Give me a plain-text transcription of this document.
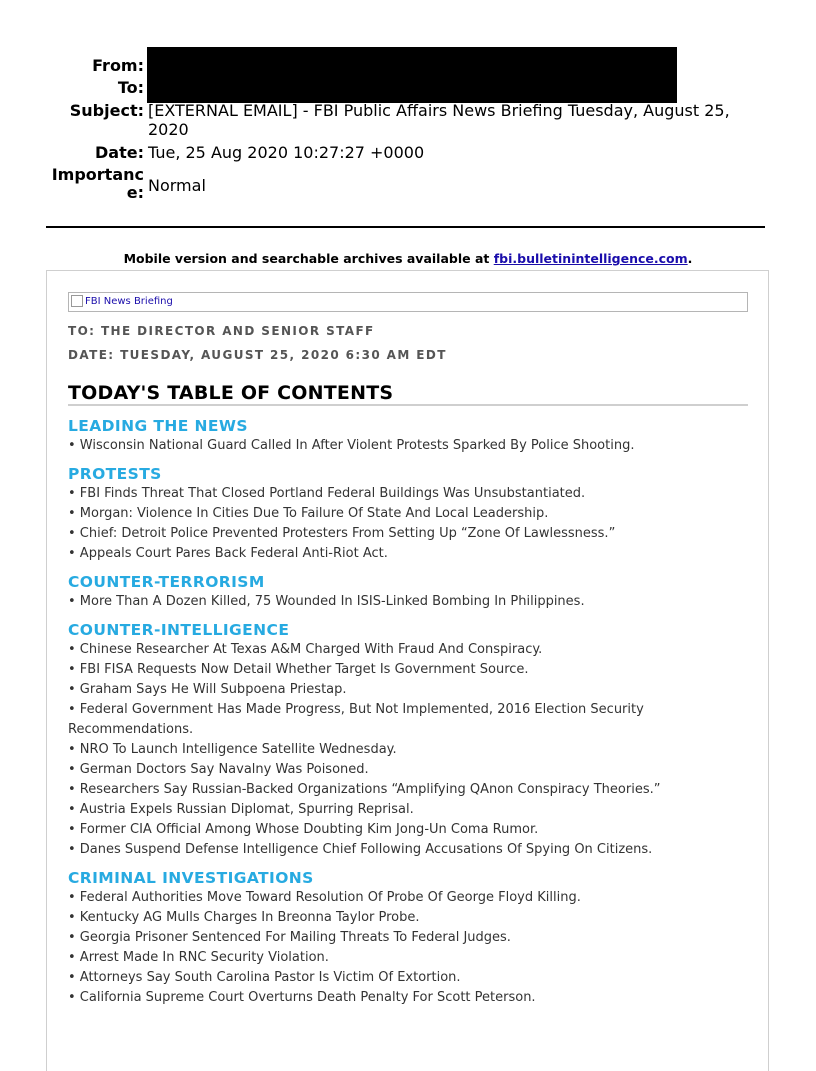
From:
To:
Subject: [EXTERNAL EMAIL] - FBI Public Affairs News Briefing Tuesday, August 25, 2020
Date: Tue, 25 Aug 2020 10:27:27 +0000
Importanc
e: Normal
Mobile version and searchable archives available at fbi.bulletinintelligence.com.
FBI News Briefing
TO: THE DIRECTOR AND SENIOR STAFF
DATE: TUESDAY, AUGUST 25, 2020 6:30 AM EDT
TODAY'S TABLE OF CONTENTS
LEADING THE NEWS
• Wisconsin National Guard Called In After Violent Protests Sparked By Police Shooting.
PROTESTS
• FBI Finds Threat That Closed Portland Federal Buildings Was Unsubstantiated.
• Morgan: Violence In Cities Due To Failure Of State And Local Leadership.
• Chief: Detroit Police Prevented Protesters From Setting Up “Zone Of Lawlessness.”
• Appeals Court Pares Back Federal Anti-Riot Act.
COUNTER-TERRORISM
• More Than A Dozen Killed, 75 Wounded In ISIS-Linked Bombing In Philippines.
COUNTER-INTELLIGENCE
• Chinese Researcher At Texas A&M Charged With Fraud And Conspiracy.
• FBI FISA Requests Now Detail Whether Target Is Government Source.
• Graham Says He Will Subpoena Priestap.
• Federal Government Has Made Progress, But Not Implemented, 2016 Election Security Recommendations.
• NRO To Launch Intelligence Satellite Wednesday.
• German Doctors Say Navalny Was Poisoned.
• Researchers Say Russian-Backed Organizations “Amplifying QAnon Conspiracy Theories.”
• Austria Expels Russian Diplomat, Spurring Reprisal.
• Former CIA Official Among Whose Doubting Kim Jong-Un Coma Rumor.
• Danes Suspend Defense Intelligence Chief Following Accusations Of Spying On Citizens.
CRIMINAL INVESTIGATIONS
• Federal Authorities Move Toward Resolution Of Probe Of George Floyd Killing.
• Kentucky AG Mulls Charges In Breonna Taylor Probe.
• Georgia Prisoner Sentenced For Mailing Threats To Federal Judges.
• Arrest Made In RNC Security Violation.
• Attorneys Say South Carolina Pastor Is Victim Of Extortion.
• California Supreme Court Overturns Death Penalty For Scott Peterson.
